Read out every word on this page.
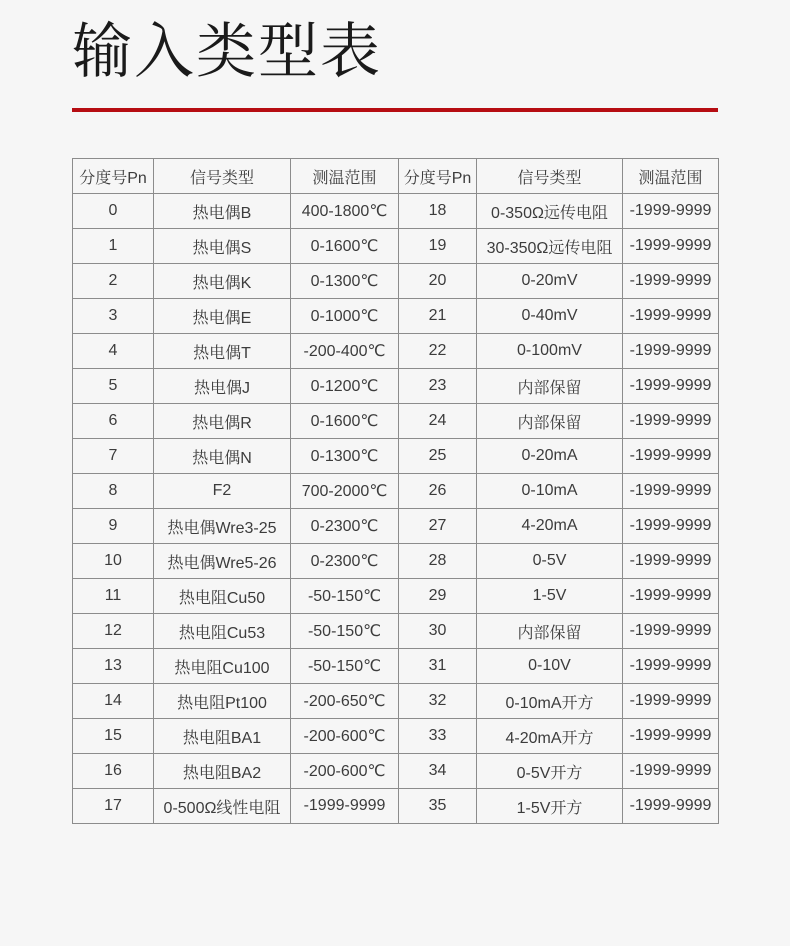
输入类型表
分度号Pn	信号类型	测温范围	分度号Pn	信号类型	测温范围
0	热电偶B	400-1800℃	18	0-350Ω远传电阻	-1999-9999
1	热电偶S	0-1600℃	19	30-350Ω远传电阻	-1999-9999
2	热电偶K	0-1300℃	20	0-20mV	-1999-9999
3	热电偶E	0-1000℃	21	0-40mV	-1999-9999
4	热电偶T	-200-400℃	22	0-100mV	-1999-9999
5	热电偶J	0-1200℃	23	内部保留	-1999-9999
6	热电偶R	0-1600℃	24	内部保留	-1999-9999
7	热电偶N	0-1300℃	25	0-20mA	-1999-9999
8	F2	700-2000℃	26	0-10mA	-1999-9999
9	热电偶Wre3-25	0-2300℃	27	4-20mA	-1999-9999
10	热电偶Wre5-26	0-2300℃	28	0-5V	-1999-9999
11	热电阻Cu50	-50-150℃	29	1-5V	-1999-9999
12	热电阻Cu53	-50-150℃	30	内部保留	-1999-9999
13	热电阻Cu100	-50-150℃	31	0-10V	-1999-9999
14	热电阻Pt100	-200-650℃	32	0-10mA开方	-1999-9999
15	热电阻BA1	-200-600℃	33	4-20mA开方	-1999-9999
16	热电阻BA2	-200-600℃	34	0-5V开方	-1999-9999
17	0-500Ω线性电阻	-1999-9999	35	1-5V开方	-1999-9999
